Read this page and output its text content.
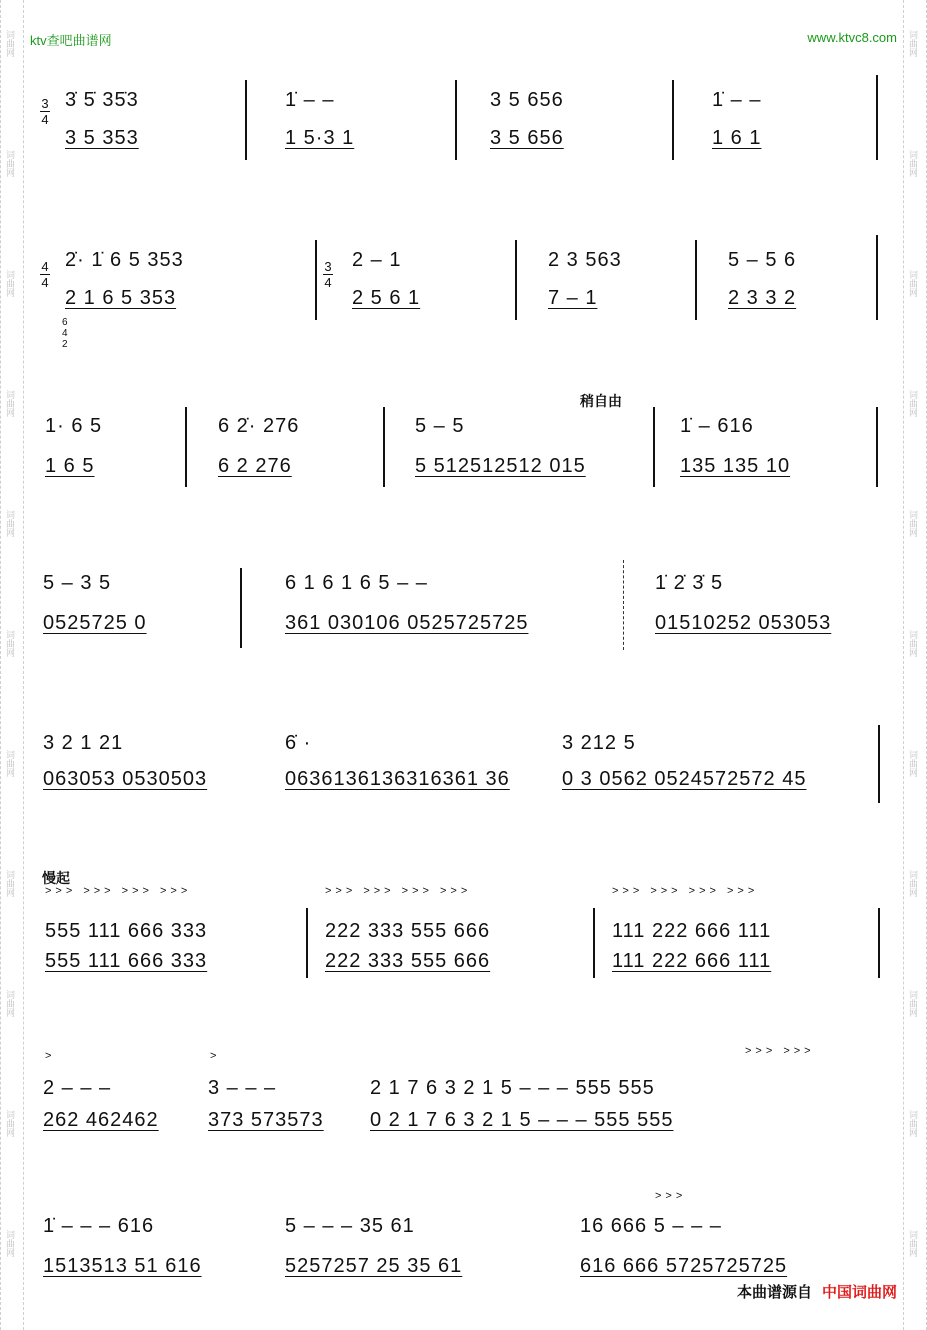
词曲网
词曲网
词曲网
词曲网
词曲网
词曲网
词曲网
词曲网
词曲网
词曲网
词曲网
词曲网
词曲网
词曲网
词曲网
词曲网
词曲网
词曲网
词曲网
词曲网
词曲网
词曲网
ktv查吧曲谱网	www.ktvc8.com
3
4
3̇ 5̇ 35̇3
3 5 353
1̇ – –
1 5·3 1
3 5 656
3 5 656
1̇ – –
1 6 1
4
4
6
4
2
2̇· 1̇ 6 5 353
2 1 6 5 353
3
4
2 – 1
2 5 6 1
2 3 563
7 – 1
5 – 5 6
2 3 3 2
稍自由
1· 6 5
1 6 5
6 2̇· 276
6 2 276
5 – 5
5 512512512 015
1̇ – 616
135 135 10
5 – 3 5
0525725 0
6 1 6 1 6 5 – –
361 030106 0525725725
1̇ 2̇ 3̇ 5
01510252 053053
3 2 1 21
063053 0530503
6̇ ·
0636136136316361 36
3 212 5
0 3 0562 0524572572 45
慢起
>>> >>> >>> >>>
555 111 666 333
555 111 666 333
>>> >>> >>> >>>
222 333 555 666
222 333 555 666
>>> >>> >>> >>>
111 222 666 111
111 222 666 111
>
2 – – –
262 462462
>
3 – – –
373 573573
>>> >>>
2 1 7 6 3 2 1 5 – – – 555 555
0 2 1 7 6 3 2 1 5 – – – 555 555
>>>
1̇ – – – 616
1513513 51 616
5 – – – 35 61
5257257 25 35 61
16 666 5 – – –
616 666 5725725725
本曲谱源自 中国词曲网
